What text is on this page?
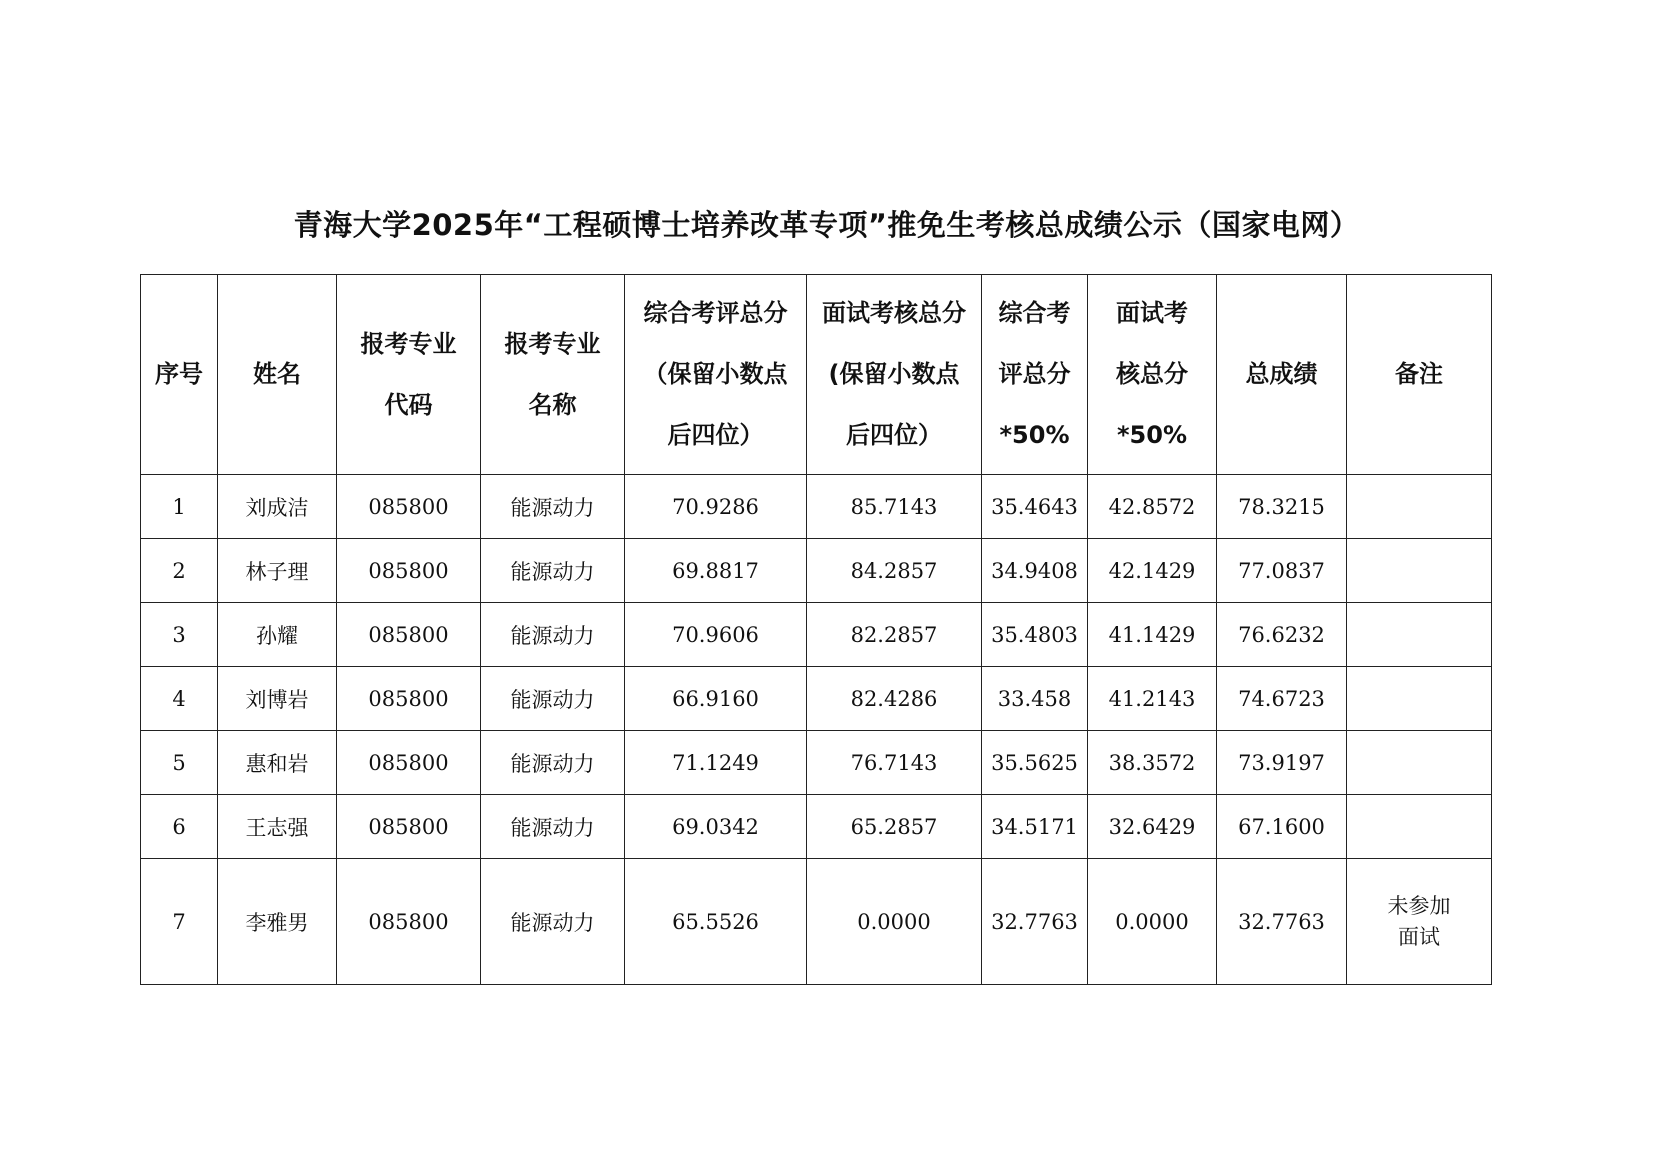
青海大学2025年“工程硕博士培养改革专项”推免生考核总成绩公示（国家电网）
序号	姓名	报考专业代码	报考专业名称	综合考评总分（保留小数点后四位）	面试考核总分(保留小数点后四位）	综合考评总分*50%	面试考核总分*50%	总成绩	备注

1	刘成洁	085800	能源动力	70.9286	85.7143	35.4643	42.8572	78.3215	
2	林子理	085800	能源动力	69.8817	84.2857	34.9408	42.1429	77.0837	
3	孙耀	085800	能源动力	70.9606	82.2857	35.4803	41.1429	76.6232	
4	刘博岩	085800	能源动力	66.9160	82.4286	33.458	41.2143	74.6723	
5	惠和岩	085800	能源动力	71.1249	76.7143	35.5625	38.3572	73.9197	
6	王志强	085800	能源动力	69.0342	65.2857	34.5171	32.6429	67.1600	
7	李雅男	085800	能源动力	65.5526	0.0000	32.7763	0.0000	32.7763	未参加面试
